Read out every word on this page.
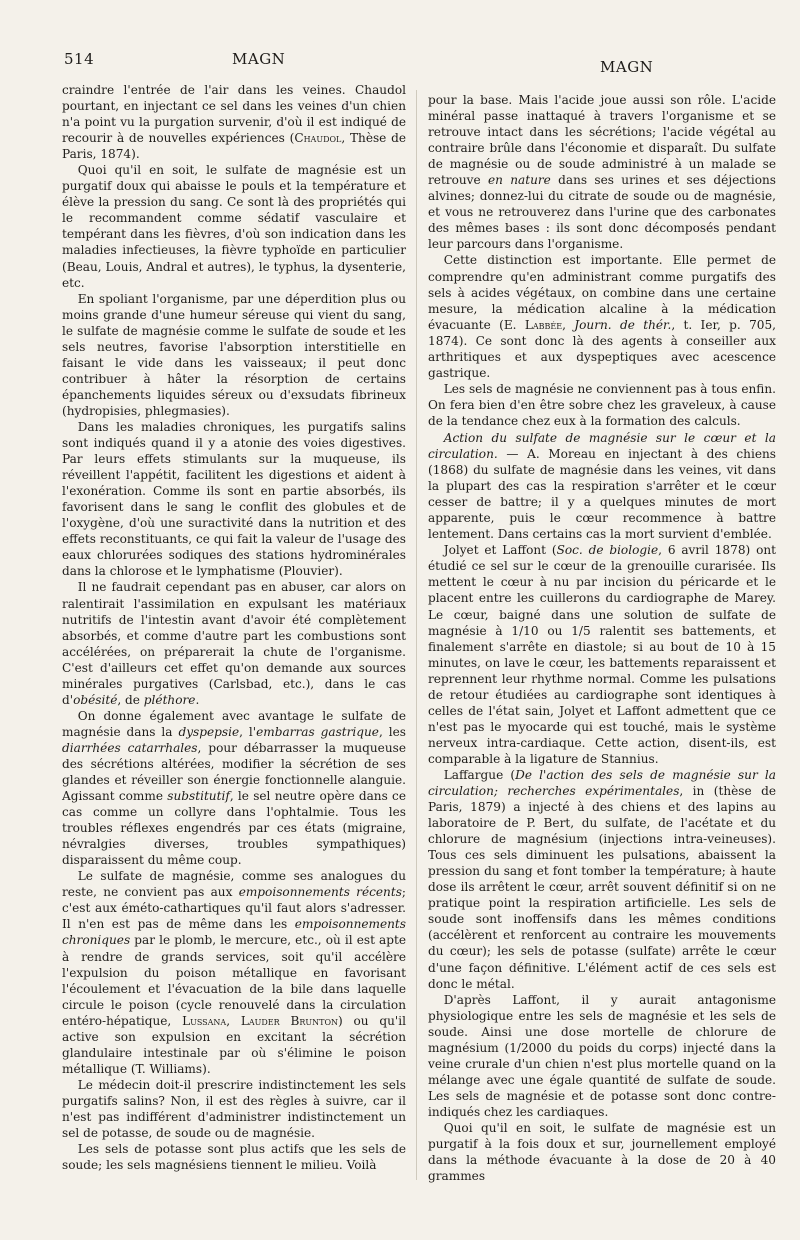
514	MAGN	MAGN

craindre l'entrée de l'air dans les veines. Chaudol pourtant, en injectant ce sel dans les veines d'un chien n'a point vu la purgation survenir, d'où il est indiqué de recourir à de nouvelles expériences (Chaudol, Thèse de Paris, 1874).

Quoi qu'il en soit, le sulfate de magnésie est un purgatif doux qui abaisse le pouls et la température et élève la pression du sang. Ce sont là des propriétés qui le recommandent comme sédatif vasculaire et tempérant dans les fièvres, d'où son indication dans les maladies infectieuses, la fièvre typhoïde en particulier (Beau, Louis, Andral et autres), le typhus, la dysenterie, etc.

En spoliant l'organisme, par une déperdition plus ou moins grande d'une humeur séreuse qui vient du sang, le sulfate de magnésie comme le sulfate de soude et les sels neutres, favorise l'absorption interstitielle en faisant le vide dans les vaisseaux; il peut donc contribuer à hâter la résorption de certains épanchements liquides séreux ou d'exsudats fibrineux (hydropisies, phlegmasies).

Dans les maladies chroniques, les purgatifs salins sont indiqués quand il y a atonie des voies digestives. Par leurs effets stimulants sur la muqueuse, ils réveillent l'appétit, facilitent les digestions et aident à l'exonération. Comme ils sont en partie absorbés, ils favorisent dans le sang le conflit des globules et de l'oxygène, d'où une suractivité dans la nutrition et des effets reconstituants, ce qui fait la valeur de l'usage des eaux chlorurées sodiques des stations hydrominérales dans la chlorose et le lymphatisme (Plouvier).

Il ne faudrait cependant pas en abuser, car alors on ralentirait l'assimilation en expulsant les matériaux nutritifs de l'intestin avant d'avoir été complètement absorbés, et comme d'autre part les combustions sont accélérées, on préparerait la chute de l'organisme. C'est d'ailleurs cet effet qu'on demande aux sources minérales purgatives (Carlsbad, etc.), dans le cas d'obésité, de pléthore.

On donne également avec avantage le sulfate de magnésie dans la dyspepsie, l'embarras gastrique, les diarrhées catarrhales, pour débarrasser la muqueuse des sécrétions altérées, modifier la sécrétion de ses glandes et réveiller son énergie fonctionnelle alanguie. Agissant comme substitutif, le sel neutre opère dans ce cas comme un collyre dans l'ophtalmie. Tous les troubles réflexes engendrés par ces états (migraine, névralgies diverses, troubles sympathiques) disparaissent du même coup.

Le sulfate de magnésie, comme ses analogues du reste, ne convient pas aux empoisonnements récents; c'est aux éméto-cathartiques qu'il faut alors s'adresser. Il n'en est pas de même dans les empoisonnements chroniques par le plomb, le mercure, etc., où il est apte à rendre de grands services, soit qu'il accélère l'expulsion du poison métallique en favorisant l'écoulement et l'évacuation de la bile dans laquelle circule le poison (cycle renouvelé dans la circulation entéro-hépatique, Lussana, Lauder Brunton) ou qu'il active son expulsion en excitant la sécrétion glandulaire intestinale par où s'élimine le poison métallique (T. Williams).

Le médecin doit-il prescrire indistinctement les sels purgatifs salins? Non, il est des règles à suivre, car il n'est pas indifférent d'administrer indistinctement un sel de potasse, de soude ou de magnésie.

Les sels de potasse sont plus actifs que les sels de soude; les sels magnésiens tiennent le milieu. Voilà

pour la base. Mais l'acide joue aussi son rôle. L'acide minéral passe inattaqué à travers l'organisme et se retrouve intact dans les sécrétions; l'acide végétal au contraire brûle dans l'économie et disparaît. Du sulfate de magnésie ou de soude administré à un malade se retrouve en nature dans ses urines et ses déjections alvines; donnez-lui du citrate de soude ou de magnésie, et vous ne retrouverez dans l'urine que des carbonates des mêmes bases : ils sont donc décomposés pendant leur parcours dans l'organisme.

Cette distinction est importante. Elle permet de comprendre qu'en administrant comme purgatifs des sels à acides végétaux, on combine dans une certaine mesure, la médication alcaline à la médication évacuante (E. Labbée, Journ. de thér., t. Ier, p. 705, 1874). Ce sont donc là des agents à conseiller aux arthritiques et aux dyspeptiques avec acescence gastrique.

Les sels de magnésie ne conviennent pas à tous enfin. On fera bien d'en être sobre chez les graveleux, à cause de la tendance chez eux à la formation des calculs.

Action du sulfate de magnésie sur le cœur et la circulation. — A. Moreau en injectant à des chiens (1868) du sulfate de magnésie dans les veines, vit dans la plupart des cas la respiration s'arrêter et le cœur cesser de battre; il y a quelques minutes de mort apparente, puis le cœur recommence à battre lentement. Dans certains cas la mort survient d'emblée.

Jolyet et Laffont (Soc. de biologie, 6 avril 1878) ont étudié ce sel sur le cœur de la grenouille curarisée. Ils mettent le cœur à nu par incision du péricarde et le placent entre les cuillerons du cardiographe de Marey. Le cœur, baigné dans une solution de sulfate de magnésie à 1/10 ou 1/5 ralentit ses battements, et finalement s'arrête en diastole; si au bout de 10 à 15 minutes, on lave le cœur, les battements reparaissent et reprennent leur rhythme normal. Comme les pulsations de retour étudiées au cardiographe sont identiques à celles de l'état sain, Jolyet et Laffont admettent que ce n'est pas le myocarde qui est touché, mais le système nerveux intra-cardiaque. Cette action, disent-ils, est comparable à la ligature de Stannius.

Laffargue (De l'action des sels de magnésie sur la circulation; recherches expérimentales, in (thèse de Paris, 1879) a injecté à des chiens et des lapins au laboratoire de P. Bert, du sulfate, de l'acétate et du chlorure de magnésium (injections intra-veineuses). Tous ces sels diminuent les pulsations, abaissent la pression du sang et font tomber la température; à haute dose ils arrêtent le cœur, arrêt souvent définitif si on ne pratique point la respiration artificielle. Les sels de soude sont inoffensifs dans les mêmes conditions (accélèrent et renforcent au contraire les mouvements du cœur); les sels de potasse (sulfate) arrête le cœur d'une façon définitive. L'élément actif de ces sels est donc le métal.

D'après Laffont, il y aurait antagonisme physiologique entre les sels de magnésie et les sels de soude. Ainsi une dose mortelle de chlorure de magnésium (1/2000 du poids du corps) injecté dans la veine crurale d'un chien n'est plus mortelle quand on la mélange avec une égale quantité de sulfate de soude. Les sels de magnésie et de potasse sont donc contre-indiqués chez les cardiaques.

Quoi qu'il en soit, le sulfate de magnésie est un purgatif à la fois doux et sur, journellement employé dans la méthode évacuante à la dose de 20 à 40 grammes
